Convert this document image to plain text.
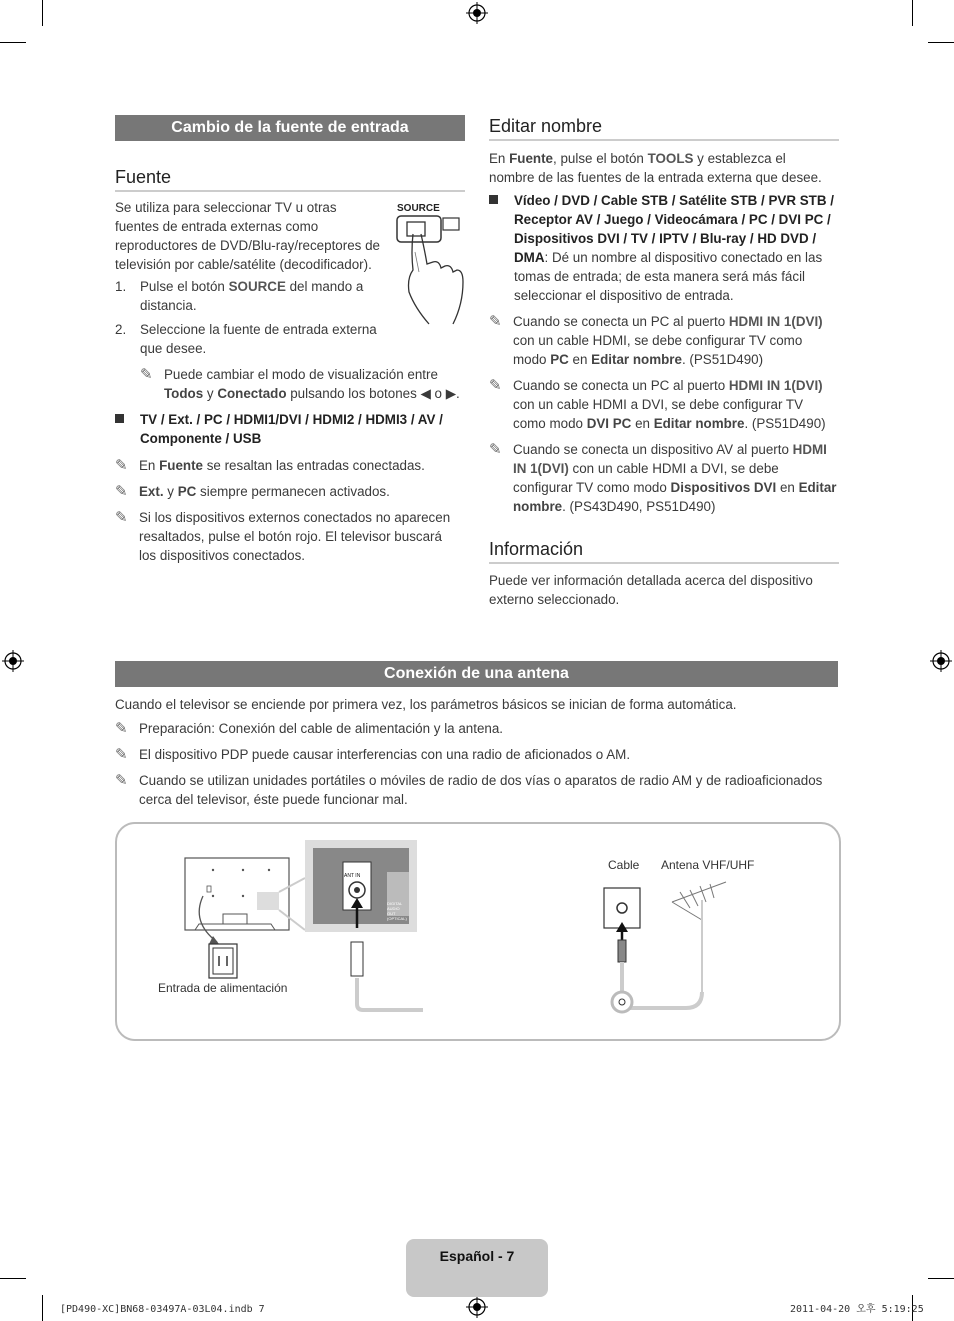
Cambio de la fuente de entrada
Fuente
Se utiliza para seleccionar TV u otras fuentes de entrada externas como reproductores de DVD/Blu-ray/receptores de televisión por cable/satélite (decodificador).
SOURCE
1. Pulse el botón SOURCE del mando a distancia.
2. Seleccione la fuente de entrada externa que desee.
✎ Puede cambiar el modo de visualización entre Todos y Conectado pulsando los botones ◀ o ▶.
TV / Ext. / PC / HDMI1/DVI / HDMI2 / HDMI3 / AV / Componente / USB
✎ En Fuente se resaltan las entradas conectadas.
✎ Ext. y PC siempre permanecen activados.
✎ Si los dispositivos externos conectados no aparecen resaltados, pulse el botón rojo. El televisor buscará los dispositivos conectados.
Editar nombre
En Fuente, pulse el botón TOOLS y establezca el nombre de las fuentes de la entrada externa que desee.
Vídeo / DVD / Cable STB / Satélite STB / PVR STB / Receptor AV / Juego / Videocámara / PC / DVI PC / Dispositivos DVI / TV / IPTV / Blu-ray / HD DVD / DMA: Dé un nombre al dispositivo conectado en las tomas de entrada; de esta manera será más fácil seleccionar el dispositivo de entrada.
✎ Cuando se conecta un PC al puerto HDMI IN 1(DVI) con un cable HDMI, se debe configurar TV como modo PC en Editar nombre. (PS51D490)
✎ Cuando se conecta un PC al puerto HDMI IN 1(DVI) con un cable HDMI a DVI, se debe configurar TV como modo DVI PC en Editar nombre. (PS51D490)
✎ Cuando se conecta un dispositivo AV al puerto HDMI IN 1(DVI) con un cable HDMI a DVI, se debe configurar TV como modo Dispositivos DVI en Editar nombre. (PS43D490, PS51D490)
Información
Puede ver información detallada acerca del dispositivo externo seleccionado.
Conexión de una antena
Cuando el televisor se enciende por primera vez, los parámetros básicos se inician de forma automática.
✎ Preparación: Conexión del cable de alimentación y la antena.
✎ El dispositivo PDP puede causar interferencias con una radio de aficionados o AM.
✎ Cuando se utilizan unidades portátiles o móviles de radio de dos vías o aparatos de radio AM y de radioaficionados cerca del televisor, éste puede funcionar mal.
ANT IN
DIGITAL AUDIO OUT (OPTICAL)
Entrada de alimentación
Cable Antena VHF/UHF
Español - 7
[PD490-XC]BN68-03497A-03L04.indb 7	2011-04-20 오후 5:19:25
